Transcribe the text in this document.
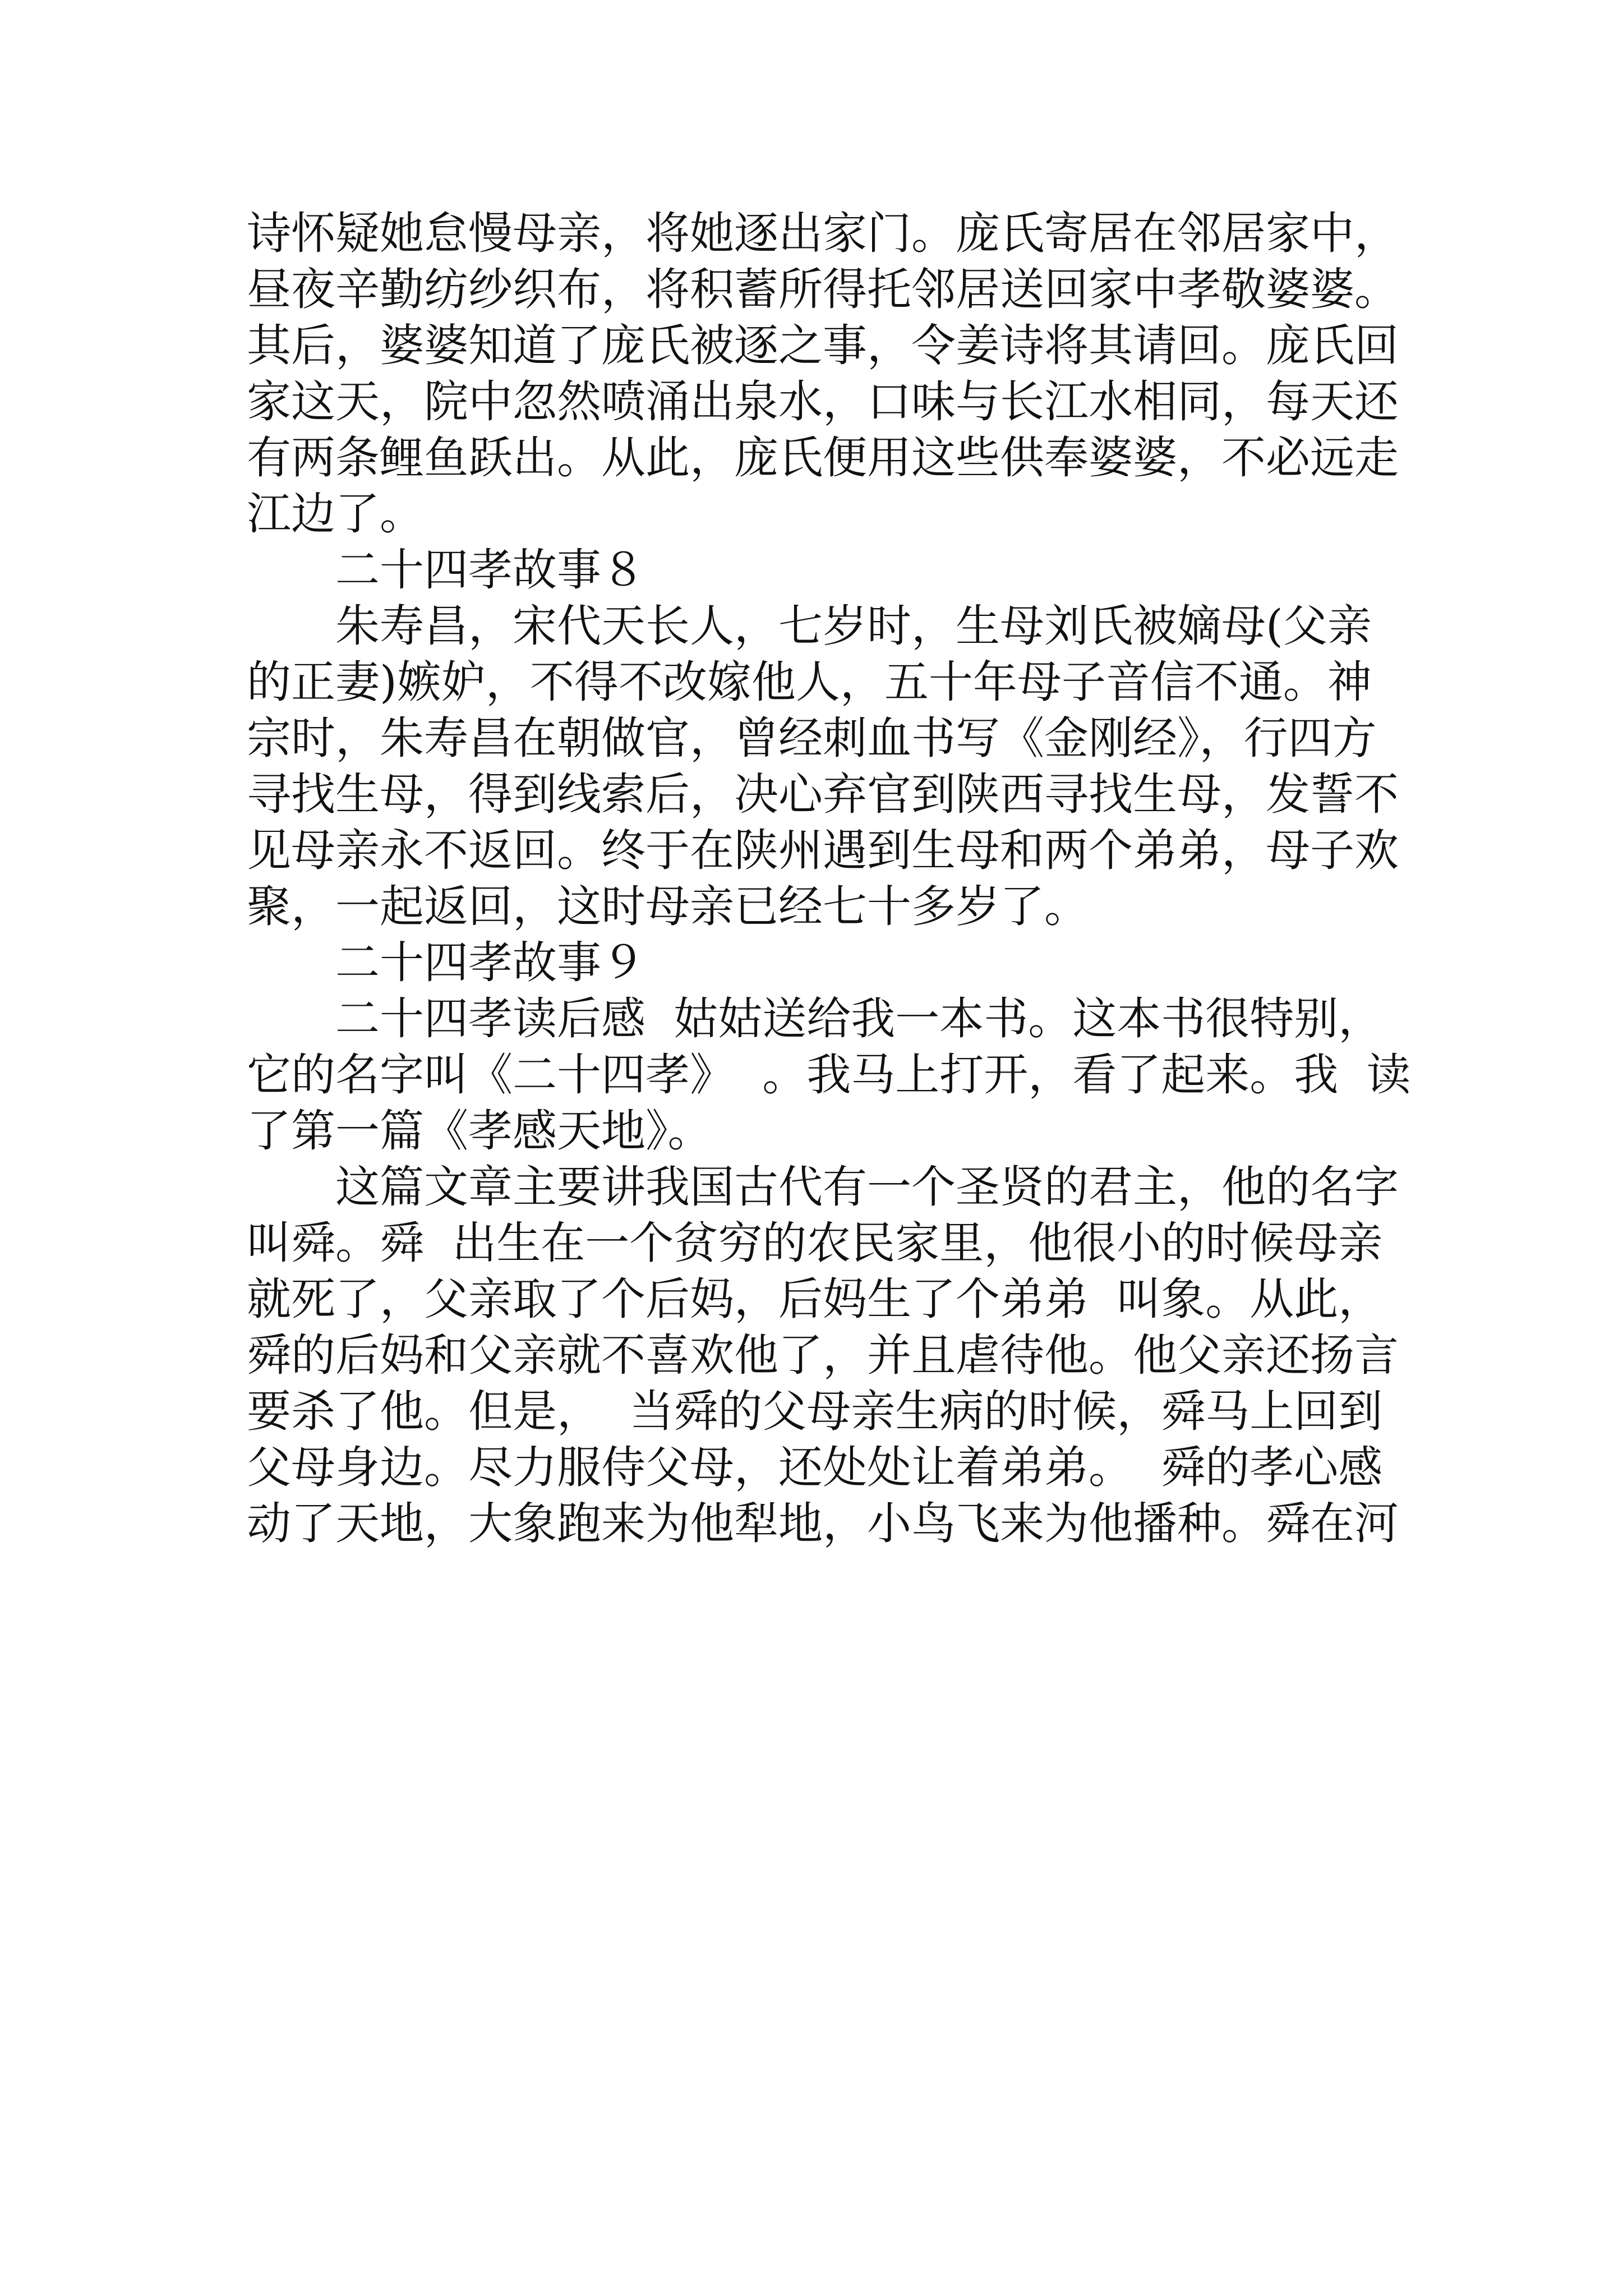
诗怀疑她怠慢母亲，将她逐出家门。庞氏寄居在邻居家中，

昼夜辛勤纺纱织布，将积蓄所得托邻居送回家中孝敬婆婆。

其后，婆婆知道了庞氏被逐之事，令姜诗将其请回。庞氏回

家这天，院中忽然喷涌出泉水，口味与长江水相同，每天还

有两条鲤鱼跃出。从此，庞氏便用这些供奉婆婆，不必远走

江边了。

二十四孝故事８

朱寿昌，宋代天长人，七岁时，生母刘氏被嫡母(父亲

的正妻)嫉妒，不得不改嫁他人，五十年母子音信不通。神

宗时，朱寿昌在朝做官，曾经刺血书写《金刚经》，行四方

寻找生母，得到线索后，决心弃官到陕西寻找生母，发誓不

见母亲永不返回。终于在陕州遇到生母和两个弟弟，母子欢

聚，一起返回，这时母亲已经七十多岁了。

二十四孝故事９

二十四孝读后感  姑姑送给我一本书。这本书很特别，

它的名字叫《二十四孝》  。我马上打开，看了起来。我  读

了第一篇《孝感天地》。

这篇文章主要讲我国古代有一个圣贤的君主，他的名字

叫舜。舜  出生在一个贫穷的农民家里，他很小的时候母亲

就死了，父亲取了个后妈，后妈生了个弟弟  叫象。从此，

舜的后妈和父亲就不喜欢他了，并且虐待他。他父亲还扬言

要杀了他。但是，  当舜的父母亲生病的时候，舜马上回到

父母身边。尽力服侍父母，还处处让着弟弟。  舜的孝心感

动了天地，大象跑来为他犁地，小鸟飞来为他播种。舜在河
